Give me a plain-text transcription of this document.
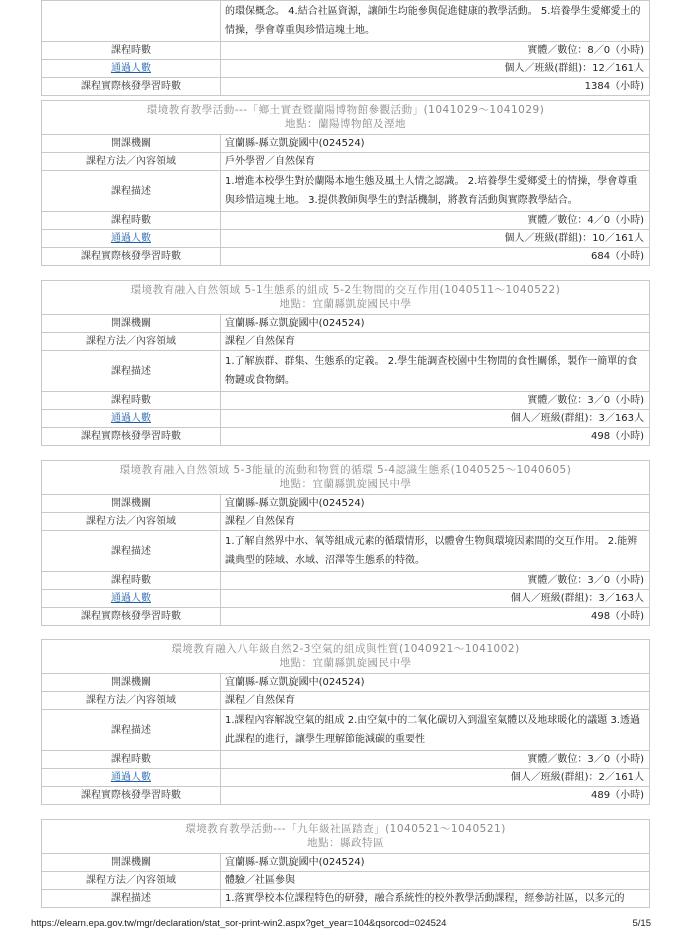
	的環保概念。 4.結合社區資源，讓師生均能參與促進健康的教學活動。 5.培養學生愛鄉愛土的情操，學會尊重與珍惜這塊土地。
課程時數	實體／數位：8／0（小時)
通過人數	個人／班級(群組)：12／161人
課程實際核發學習時數	1384（小時)
環境教育教學活動---「鄉土實查暨蘭陽博物館參觀活動」(1041029～1041029)
地點：蘭陽博物館及溼地
開課機關	宜蘭縣-縣立凱旋國中(024524)
課程方法／內容領域	戶外學習／自然保育
課程描述	1.增進本校學生對於蘭陽本地生態及風土人情之認識。 2.培養學生愛鄉愛土的情操，學會尊重與珍惜這塊土地。 3.提供教師與學生的對話機制，將教育活動與實際教學結合。
課程時數	實體／數位：4／0（小時)
通過人數	個人／班級(群組)：10／161人
課程實際核發學習時數	684（小時)
環境教育融入自然領域 5-1生態系的組成 5-2生物間的交互作用(1040511～1040522)
地點：宜蘭縣凱旋國民中學
開課機關	宜蘭縣-縣立凱旋國中(024524)
課程方法／內容領域	課程／自然保育
課程描述	1.了解族群、群集、生態系的定義。 2.學生能調查校園中生物間的食性關係，製作一簡單的食物鏈或食物網。
課程時數	實體／數位：3／0（小時)
通過人數	個人／班級(群組)：3／163人
課程實際核發學習時數	498（小時)
環境教育融入自然領域 5-3能量的流動和物質的循環 5-4認識生態系(1040525～1040605)
地點：宜蘭縣凱旋國民中學
開課機關	宜蘭縣-縣立凱旋國中(024524)
課程方法／內容領域	課程／自然保育
課程描述	1.了解自然界中水、氧等組成元素的循環情形，以體會生物與環境因素間的交互作用。 2.能辨識典型的陸域、水域、沼澤等生態系的特徵。
課程時數	實體／數位：3／0（小時)
通過人數	個人／班級(群組)：3／163人
課程實際核發學習時數	498（小時)
環境教育融入八年級自然2-3空氣的組成與性質(1040921～1041002)
地點：宜蘭縣凱旋國民中學
開課機關	宜蘭縣-縣立凱旋國中(024524)
課程方法／內容領域	課程／自然保育
課程描述	1.課程內容解說空氣的組成 2.由空氣中的二氧化碳切入到溫室氣體以及地球暖化的議題 3.透過此課程的進行，讓學生理解節能減碳的重要性
課程時數	實體／數位：3／0（小時)
通過人數	個人／班級(群組)：2／161人
課程實際核發學習時數	489（小時)
環境教育教學活動---「九年級社區踏查」(1040521～1040521)
地點：縣政特區
開課機關	宜蘭縣-縣立凱旋國中(024524)
課程方法／內容領域	體驗／社區參與
課程描述	1.落實學校本位課程特色的研發，融合系統性的校外教學活動課程，經參訪社區，以多元的
https://elearn.epa.gov.tw/mgr/declaration/stat_sor-print-win2.aspx?get_year=104&qsorcod=024524	5/15
